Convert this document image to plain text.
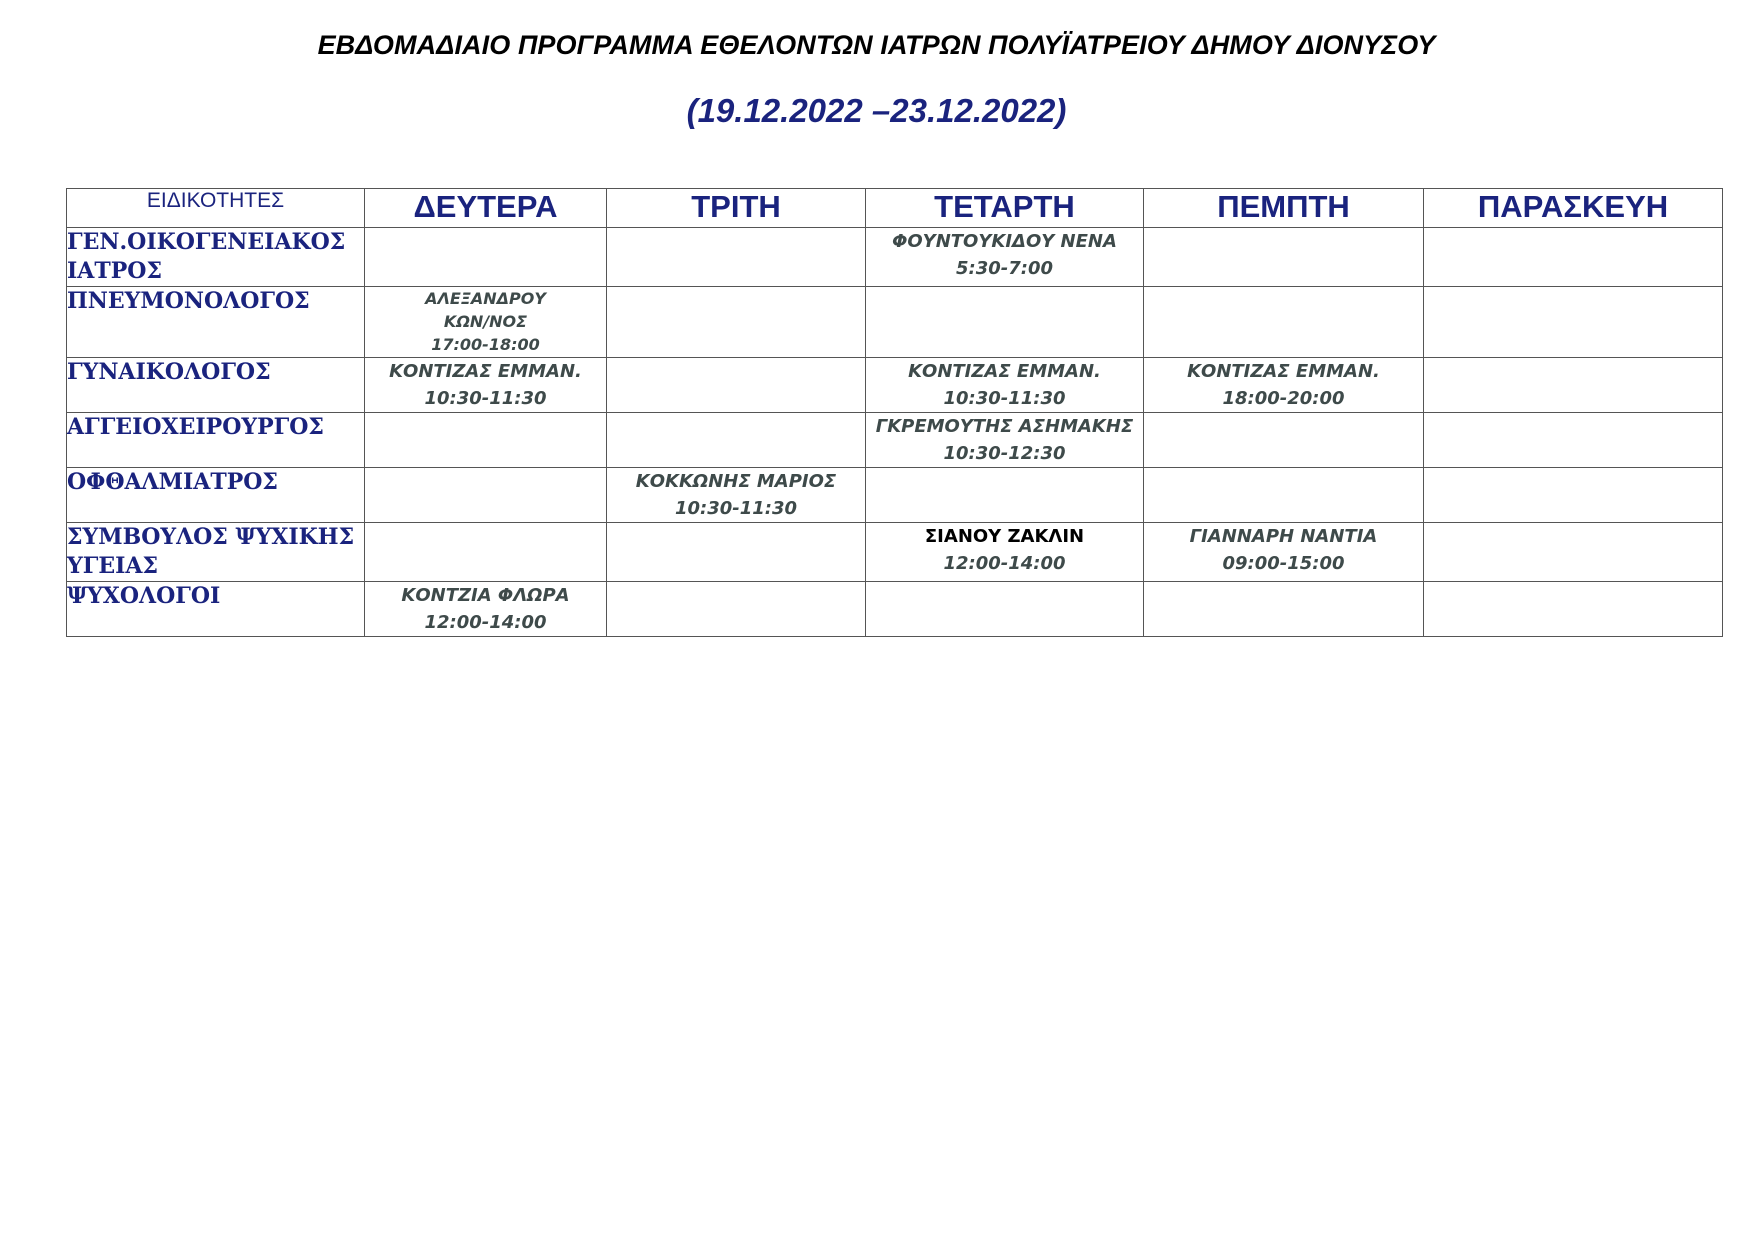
ΕΒΔΟΜΑΔΙΑΙΟ ΠΡΟΓΡΑΜΜΑ ΕΘΕΛΟΝΤΩΝ ΙΑΤΡΩΝ ΠΟΛΥΪΑΤΡΕΙΟΥ ΔΗΜΟΥ ΔΙΟΝΥΣΟΥ
(19.12.2022 –23.12.2022)
ΕΙΔΙΚΟΤΗΤΕΣ	ΔΕΥΤΕΡΑ	ΤΡΙΤΗ	ΤΕΤΑΡΤΗ	ΠΕΜΠΤΗ	ΠΑΡΑΣΚΕΥΗ
ΓΕΝ.ΟΙΚΟΓΕΝΕΙΑΚΟΣ ΙΑΤΡΟΣ			ΦΟΥΝΤΟΥΚΙΔΟΥ ΝΕΝΑ
5:30-7:00		

ΠΝΕΥΜΟΝΟΛΟΓΟΣ	ΑΛΕΞΑΝΔΡΟΥ
ΚΩΝ/ΝΟΣ
17:00-18:00				

ΓΥΝΑΙΚΟΛΟΓΟΣ	ΚΟΝΤΙΖΑΣ ΕΜΜΑΝ.
10:30-11:30		ΚΟΝΤΙΖΑΣ ΕΜΜΑΝ.
10:30-11:30	ΚΟΝΤΙΖΑΣ ΕΜΜΑΝ.
18:00-20:00	

ΑΓΓΕΙΟΧΕΙΡΟΥΡΓΟΣ			ΓΚΡΕΜΟΥΤΗΣ ΑΣΗΜΑΚΗΣ
10:30-12:30		

ΟΦΘΑΛΜΙΑΤΡΟΣ		ΚΟΚΚΩΝΗΣ ΜΑΡΙΟΣ
10:30-11:30			

ΣΥΜΒΟΥΛΟΣ ΨΥΧΙΚΗΣ ΥΓΕΙΑΣ			ΣΙΑΝΟΥ ΖΑΚΛΙΝ
12:00-14:00	ΓΙΑΝΝΑΡΗ ΝΑΝΤΙΑ
09:00-15:00	

ΨΥΧΟΛΟΓΟΙ	ΚΟΝΤΖΙΑ ΦΛΩΡΑ
12:00-14:00				
